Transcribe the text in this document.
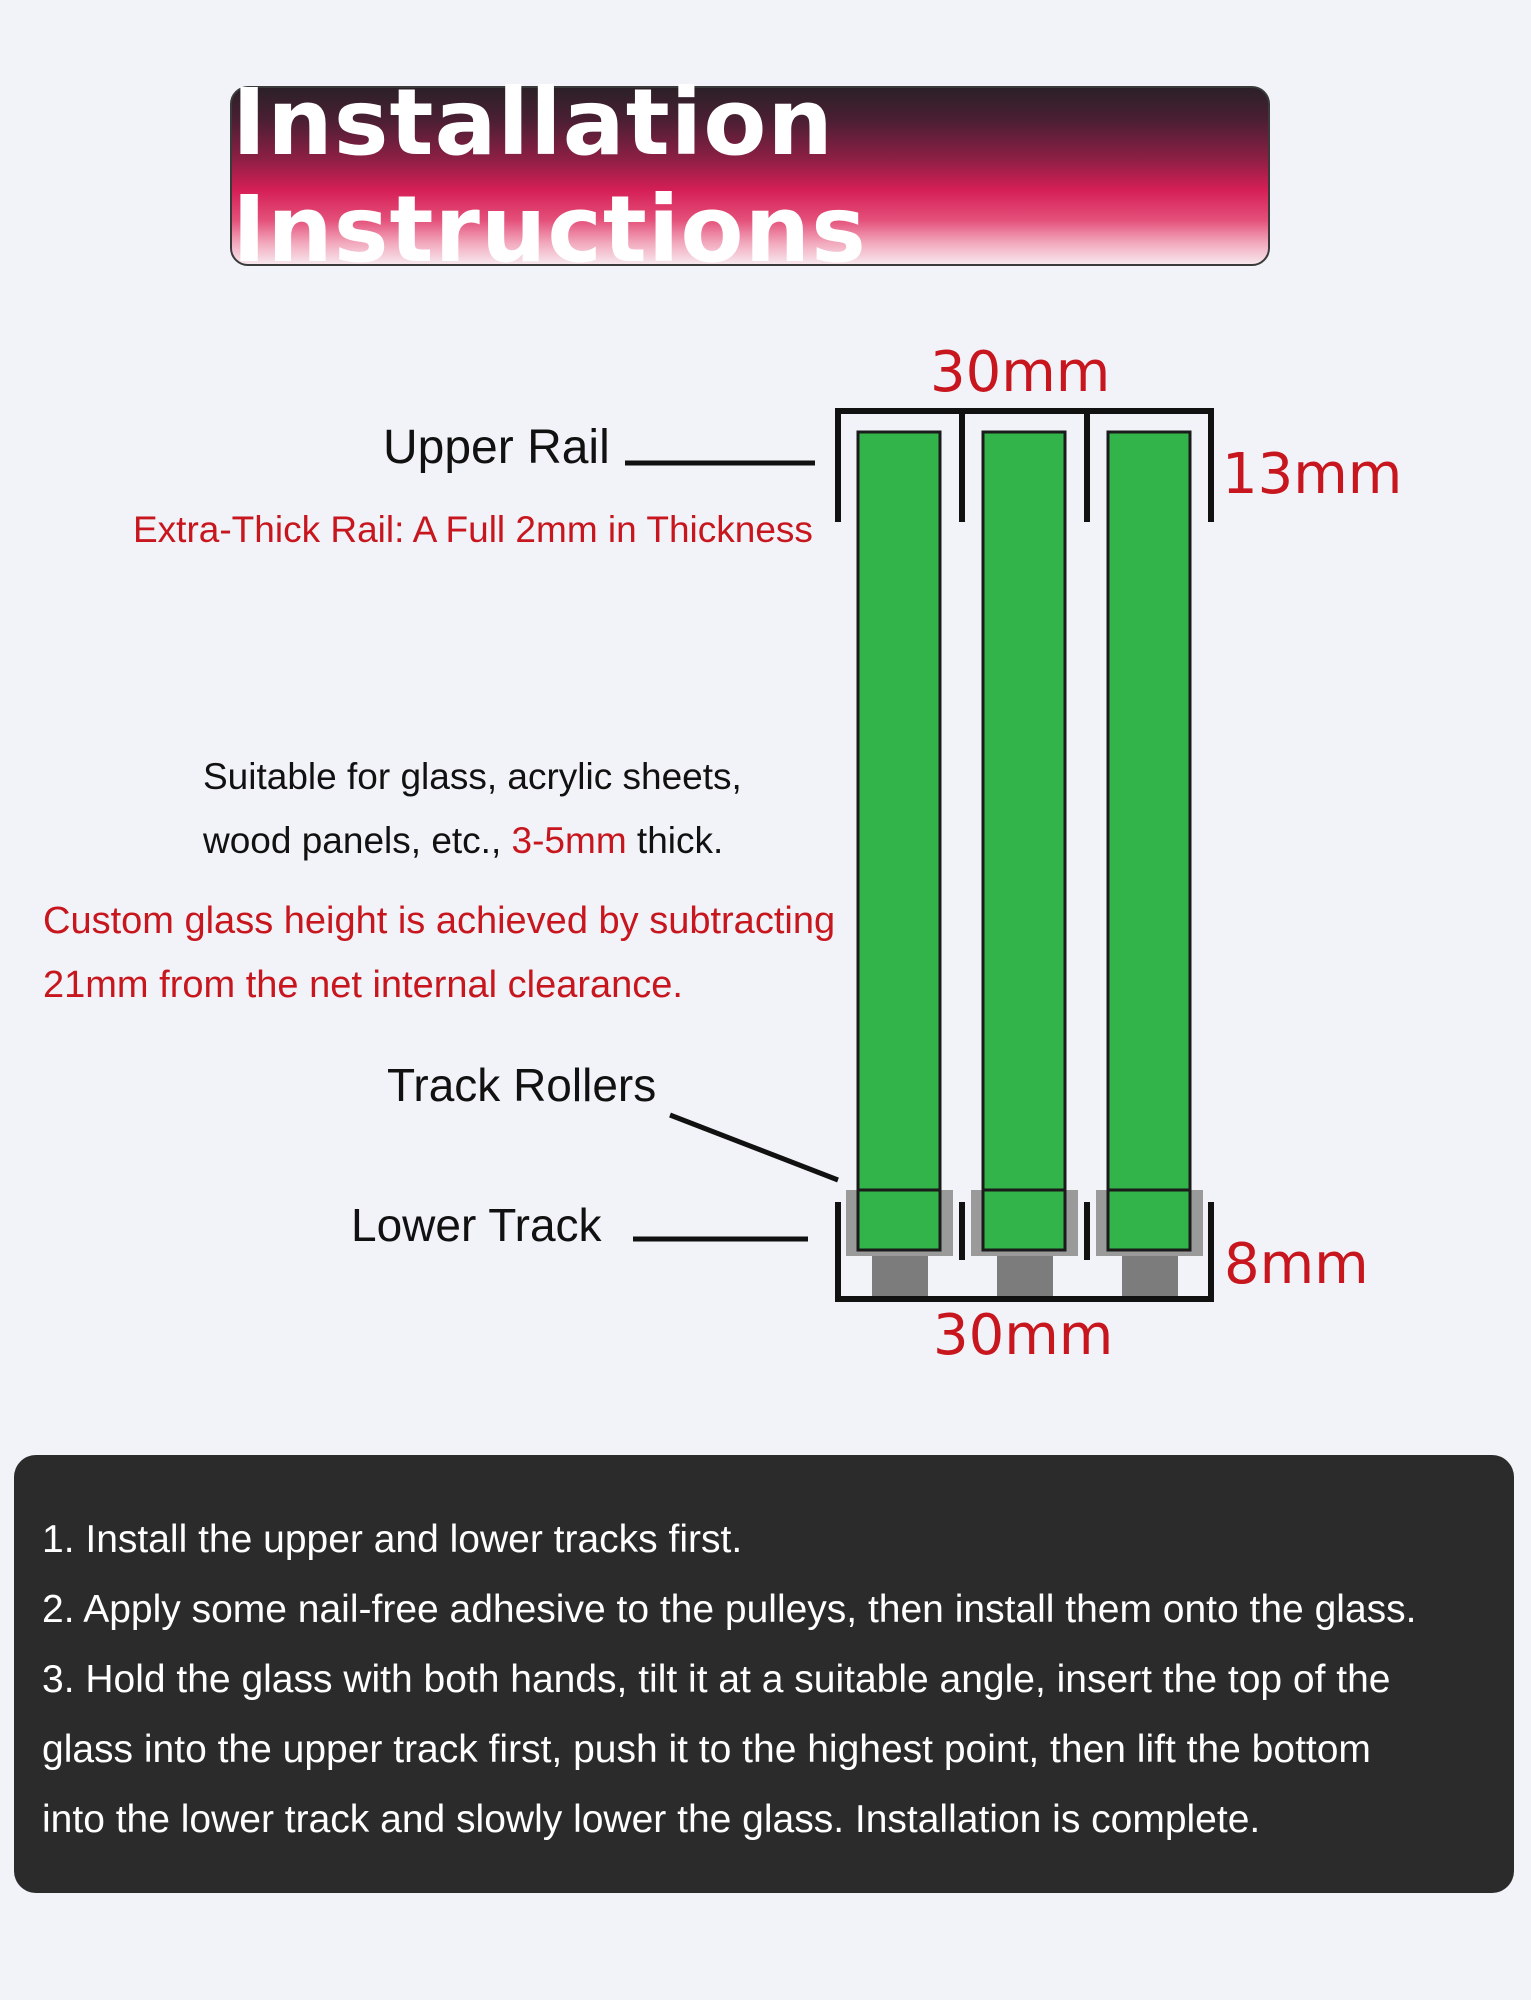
Installation Instructions
30mm
13mm
8mm
30mm
Upper Rail
Extra-Thick Rail: A Full 2mm in Thickness
Suitable for glass, acrylic sheets,
wood panels, etc., 3-5mm thick.
Custom glass height is achieved by subtracting
21mm from the net internal clearance.
Track Rollers
Lower Track
1. Install the upper and lower tracks first.
2. Apply some nail-free adhesive to the pulleys, then install them onto the glass.
3. Hold the glass with both hands, tilt it at a suitable angle, insert the top of the
glass into the upper track first, push it to the highest point, then lift the bottom
into the lower track and slowly lower the glass. Installation is complete.
